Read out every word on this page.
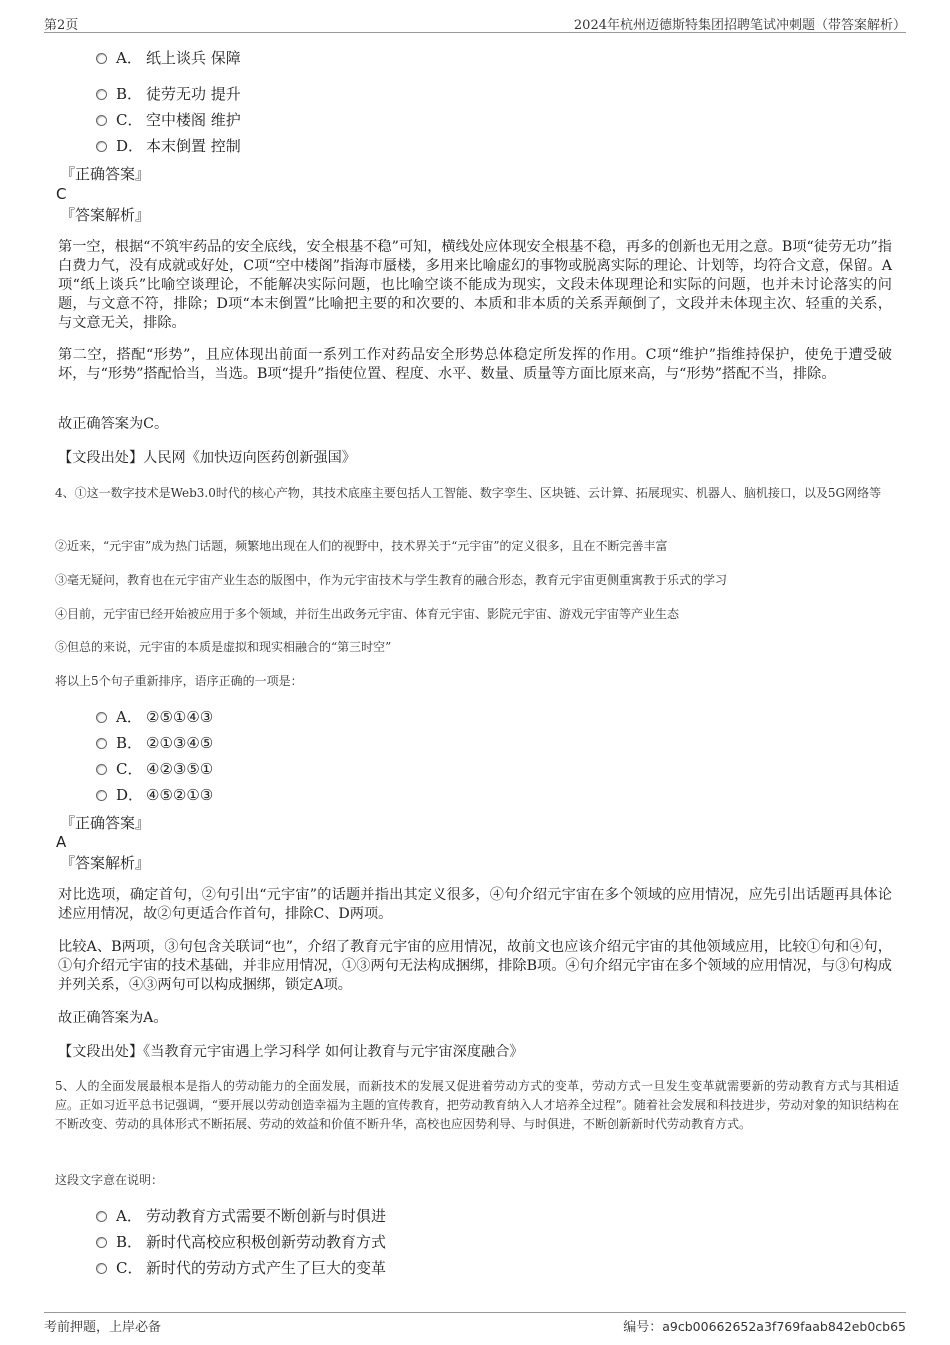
第2页	2024年杭州迈德斯特集团招聘笔试冲刺题（带答案解析）
A． 纸上谈兵 保障
B． 徒劳无功 提升
C． 空中楼阁 维护
D． 本末倒置 控制
『正确答案』
C
『答案解析』
第一空，根据“不筑牢药品的安全底线，安全根基不稳”可知，横线处应体现安全根基不稳，再多的创新也无用之意。B项“徒劳无功”指白费力气，没有成就或好处，C项“空中楼阁”指海市蜃楼，多用来比喻虚幻的事物或脱离实际的理论、计划等，均符合文意，保留。A项“纸上谈兵”比喻空谈理论，不能解决实际问题，也比喻空谈不能成为现实，文段未体现理论和实际的问题，也并未讨论落实的问题，与文意不符，排除；D项“本末倒置”比喻把主要的和次要的、本质和非本质的关系弄颠倒了，文段并未体现主次、轻重的关系，与文意无关，排除。
第二空，搭配“形势”，且应体现出前面一系列工作对药品安全形势总体稳定所发挥的作用。C项“维护”指维持保护，使免于遭受破坏，与“形势”搭配恰当，当选。B项“提升”指使位置、程度、水平、数量、质量等方面比原来高，与“形势”搭配不当，排除。
故正确答案为C。
【文段出处】人民网《加快迈向医药创新强国》
4、①这一数字技术是Web3.0时代的核心产物，其技术底座主要包括人工智能、数字孪生、区块链、云计算、拓展现实、机器人、脑机接口，以及5G网络等
②近来，“元宇宙”成为热门话题，频繁地出现在人们的视野中，技术界关于“元宇宙”的定义很多，且在不断完善丰富
③毫无疑问，教育也在元宇宙产业生态的版图中，作为元宇宙技术与学生教育的融合形态，教育元宇宙更侧重寓教于乐式的学习
④目前，元宇宙已经开始被应用于多个领域，并衍生出政务元宇宙、体育元宇宙、影院元宇宙、游戏元宇宙等产业生态
⑤但总的来说，元宇宙的本质是虚拟和现实相融合的“第三时空”
将以上5个句子重新排序，语序正确的一项是：
A． ②⑤①④③
B． ②①③④⑤
C． ④②③⑤①
D． ④⑤②①③
『正确答案』
A
『答案解析』
对比选项，确定首句，②句引出“元宇宙”的话题并指出其定义很多，④句介绍元宇宙在多个领域的应用情况，应先引出话题再具体论述应用情况，故②句更适合作首句，排除C、D两项。
比较A、B两项，③句包含关联词“也”，介绍了教育元宇宙的应用情况，故前文也应该介绍元宇宙的其他领域应用，比较①句和④句，①句介绍元宇宙的技术基础，并非应用情况，①③两句无法构成捆绑，排除B项。④句介绍元宇宙在多个领域的应用情况，与③句构成并列关系，④③两句可以构成捆绑，锁定A项。
故正确答案为A。
【文段出处】《当教育元宇宙遇上学习科学 如何让教育与元宇宙深度融合》
5、人的全面发展最根本是指人的劳动能力的全面发展，而新技术的发展又促进着劳动方式的变革，劳动方式一旦发生变革就需要新的劳动教育方式与其相适应。正如习近平总书记强调，“要开展以劳动创造幸福为主题的宣传教育，把劳动教育纳入人才培养全过程”。随着社会发展和科技进步，劳动对象的知识结构在不断改变、劳动的具体形式不断拓展、劳动的效益和价值不断升华，高校也应因势利导、与时俱进，不断创新新时代劳动教育方式。
这段文字意在说明：
A． 劳动教育方式需要不断创新与时俱进
B． 新时代高校应积极创新劳动教育方式
C． 新时代的劳动方式产生了巨大的变革
考前押题，上岸必备	编号：a9cb00662652a3f769faab842eb0cb65
